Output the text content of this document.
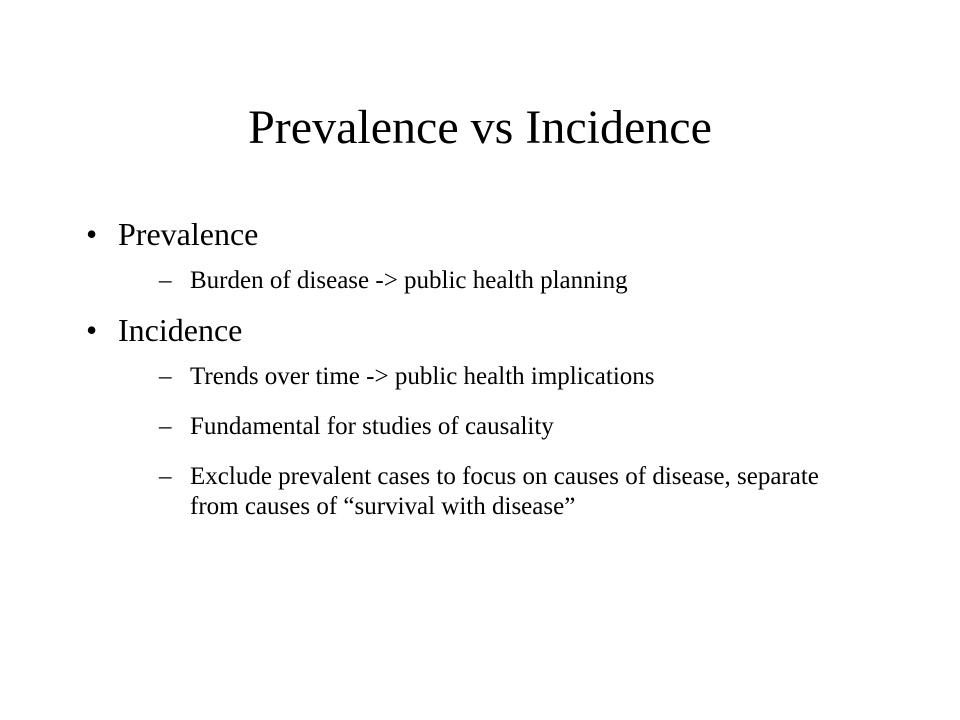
Prevalence vs Incidence
• Prevalence
– Burden of disease -> public health planning
• Incidence
– Trends over time -> public health implications
– Fundamental for studies of causality
– Exclude prevalent cases to focus on causes of disease, separate from causes of “survival with disease”
